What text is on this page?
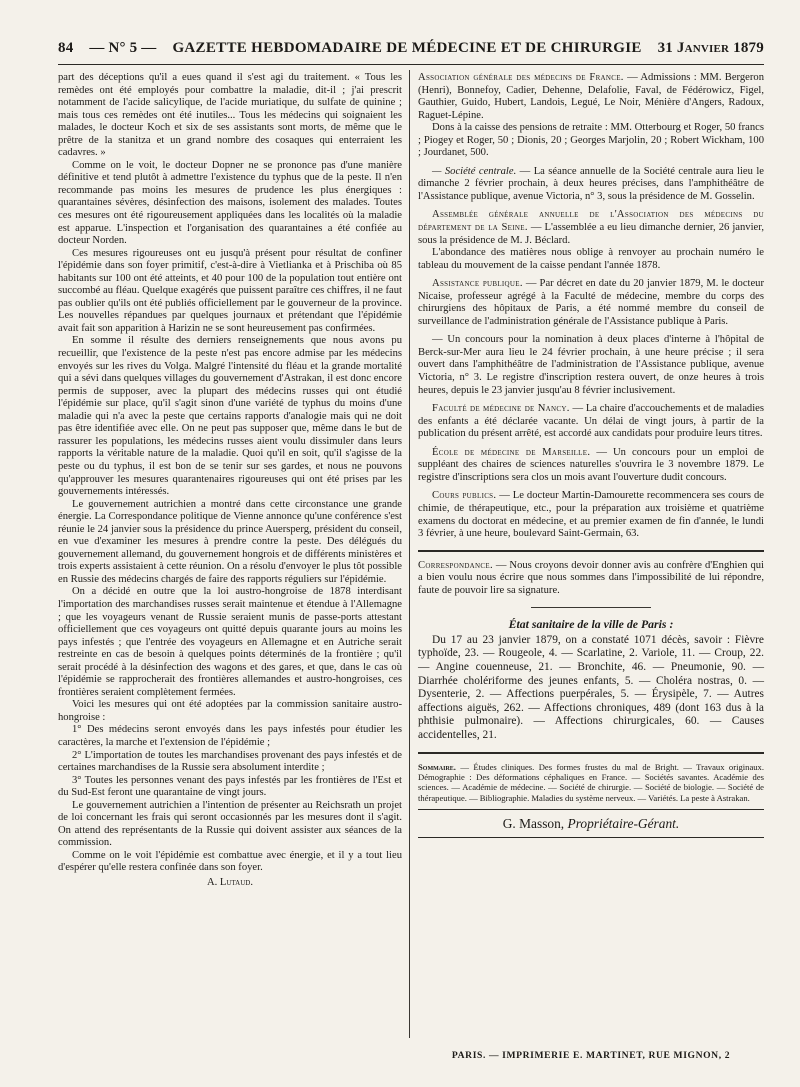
84 — N° 5 — GAZETTE HEBDOMADAIRE DE MÉDECINE ET DE CHIRURGIE 31 Janvier 1879

part des déceptions qu'il a eues quand il s'est agi du traitement. « Tous les remèdes ont été employés pour combattre la maladie, dit-il ; j'ai prescrit notamment de l'acide salicylique, de l'acide muriatique, du sulfate de quinine ; mais tous ces remèdes ont été inutiles... Tous les médecins qui soignaient les malades, le docteur Koch et six de ses assistants sont morts, de même que le prêtre de la stanitza et un grand nombre des cosaques qui enterraient les cadavres. »

Comme on le voit, le docteur Dopner ne se prononce pas d'une manière définitive et tend plutôt à admettre l'existence du typhus que de la peste. Il n'en recommande pas moins les mesures de prudence les plus énergiques : quarantaines sévères, désinfection des maisons, isolement des malades. Toutes ces mesures ont été rigoureusement appliquées dans les localités où la maladie est apparue. L'inspection et l'organisation des quarantaines a été confiée au docteur Norden.

Ces mesures rigoureuses ont eu jusqu'à présent pour résultat de confiner l'épidémie dans son foyer primitif, c'est-à-dire à Vietlianka et à Prischiba où 85 habitants sur 100 ont été atteints, et 40 pour 100 de la population tout entière ont succombé au fléau. Quelque exagérés que puissent paraître ces chiffres, il ne faut pas oublier qu'ils ont été publiés officiellement par le gouverneur de la province. Les nouvelles répandues par quelques journaux et prétendant que l'épidémie avait fait son apparition à Harizin ne se sont heureusement pas confirmées.

En somme il résulte des derniers renseignements que nous avons pu recueillir, que l'existence de la peste n'est pas encore admise par les médecins envoyés sur les rives du Volga. Malgré l'intensité du fléau et la grande mortalité qui a sévi dans quelques villages du gouvernement d'Astrakan, il est donc encore permis de supposer, avec la plupart des médecins russes qui ont étudié l'épidémie sur place, qu'il s'agit sinon d'une variété de typhus du moins d'une maladie qui n'a avec la peste que certains rapports d'analogie mais qui ne doit pas être identifiée avec elle. On ne peut pas supposer que, même dans le but de rassurer les populations, les médecins russes aient voulu dissimuler dans leurs rapports la véritable nature de la maladie. Quoi qu'il en soit, qu'il s'agisse de la peste ou du typhus, il est bon de se tenir sur ses gardes, et nous ne pouvons qu'approuver les mesures quarantenaires rigoureuses qui ont été prises par les gouvernements intéressés.

Le gouvernement autrichien a montré dans cette circonstance une grande énergie. La Correspondance politique de Vienne annonce qu'une conférence s'est réunie le 24 janvier sous la présidence du prince Auersperg, président du conseil, en vue d'examiner les mesures à prendre contre la peste. Des délégués du gouvernement allemand, du gouvernement hongrois et de différents ministères et trois experts assistaient à cette réunion. On a résolu d'envoyer le plus tôt possible en Russie des médecins chargés de faire des rapports réguliers sur l'épidémie.

On a décidé en outre que la loi austro-hongroise de 1878 interdisant l'importation des marchandises russes serait maintenue et étendue à l'Allemagne ; que les voyageurs venant de Russie seraient munis de passe-ports attestant officiellement que ces voyageurs ont quitté depuis quarante jours au moins les pays infestés ; que l'entrée des voyageurs en Allemagne et en Autriche serait restreinte en cas de besoin à quelques points déterminés de la frontière ; qu'il serait procédé à la désinfection des wagons et des gares, et que, dans le cas où l'épidémie se rapprocherait des frontières allemandes et austro-hongroises, ces frontières seraient complètement fermées.

Voici les mesures qui ont été adoptées par la commission sanitaire austro-hongroise :

1° Des médecins seront envoyés dans les pays infestés pour étudier les caractères, la marche et l'extension de l'épidémie ;

2° L'importation de toutes les marchandises provenant des pays infestés et de certaines marchandises de la Russie sera absolument interdite ;

3° Toutes les personnes venant des pays infestés par les frontières de l'Est et du Sud-Est feront une quarantaine de vingt jours.

Le gouvernement autrichien a l'intention de présenter au Reichsrath un projet de loi concernant les frais qui seront occasionnés par les mesures dont il s'agit. On attend des représentants de la Russie qui doivent assister aux séances de la commission.

Comme on le voit l'épidémie est combattue avec énergie, et il y a tout lieu d'espérer qu'elle restera confinée dans son foyer.

A. Lutaud.

Association générale des médecins de France. — Admissions : MM. Bergeron (Henri), Bonnefoy, Cadier, Dehenne, Delafolie, Faval, de Fédérowicz, Figel, Gauthier, Guido, Hubert, Landois, Legué, Le Noir, Ménière d'Angers, Radoux, Raguet-Lépine.

Dons à la caisse des pensions de retraite : MM. Otterbourg et Roger, 50 francs ; Piogey et Roger, 50 ; Dionis, 20 ; Georges Marjolin, 20 ; Robert Wickham, 100 ; Jourdanet, 500.

— Société centrale. — La séance annuelle de la Société centrale aura lieu le dimanche 2 février prochain, à deux heures précises, dans l'amphithéâtre de l'Assistance publique, avenue Victoria, n° 3, sous la présidence de M. Gosselin.

Assemblée générale annuelle de l'Association des médecins du département de la Seine. — L'assemblée a eu lieu dimanche dernier, 26 janvier, sous la présidence de M. J. Béclard.

L'abondance des matières nous oblige à renvoyer au prochain numéro le tableau du mouvement de la caisse pendant l'année 1878.

Assistance publique. — Par décret en date du 20 janvier 1879, M. le docteur Nicaise, professeur agrégé à la Faculté de médecine, membre du corps des chirurgiens des hôpitaux de Paris, a été nommé membre du conseil de surveillance de l'administration générale de l'Assistance publique à Paris.

— Un concours pour la nomination à deux places d'interne à l'hôpital de Berck-sur-Mer aura lieu le 24 février prochain, à une heure précise ; il sera ouvert dans l'amphithéâtre de l'administration de l'Assistance publique, avenue Victoria, n° 3. Le registre d'inscription restera ouvert, de onze heures à trois heures, depuis le 23 janvier jusqu'au 8 février inclusivement.

Faculté de médecine de Nancy. — La chaire d'accouchements et de maladies des enfants a été déclarée vacante. Un délai de vingt jours, à partir de la publication du présent arrêté, est accordé aux candidats pour produire leurs titres.

École de médecine de Marseille. — Un concours pour un emploi de suppléant des chaires de sciences naturelles s'ouvrira le 3 novembre 1879. Le registre d'inscriptions sera clos un mois avant l'ouverture dudit concours.

Cours publics. — Le docteur Martin-Damourette recommencera ses cours de chimie, de thérapeutique, etc., pour la préparation aux troisième et quatrième examens du doctorat en médecine, et au premier examen de fin d'année, le lundi 3 février, à une heure, boulevard Saint-Germain, 63.

Correspondance. — Nous croyons devoir donner avis au confrère d'Enghien qui a bien voulu nous écrire que nous sommes dans l'impossibilité de lui répondre, faute de pouvoir lire sa signature.

État sanitaire de la ville de Paris :

Du 17 au 23 janvier 1879, on a constaté 1071 décès, savoir : Fièvre typhoïde, 23. — Rougeole, 4. — Scarlatine, 2. Variole, 11. — Croup, 22. — Angine couenneuse, 21. — Bronchite, 46. — Pneumonie, 90. — Diarrhée cholériforme des jeunes enfants, 5. — Choléra nostras, 0. — Dysenterie, 2. — Affections puerpérales, 5. — Érysipèle, 7. — Autres affections aiguës, 262. — Affections chroniques, 489 (dont 163 dus à la phthisie pulmonaire). — Affections chirurgicales, 60. — Causes accidentelles, 21.

Sommaire. — Études cliniques. Des formes frustes du mal de Bright. — Travaux originaux. Démographie : Des déformations céphaliques en France. — Sociétés savantes. Académie des sciences. — Académie de médecine. — Société de chirurgie. — Société de biologie. — Société de thérapeutique. — Bibliographie. Maladies du système nerveux. — Variétés. La peste à Astrakan.

G. Masson, Propriétaire-Gérant.
PARIS. — IMPRIMERIE E. MARTINET, RUE MIGNON, 2
